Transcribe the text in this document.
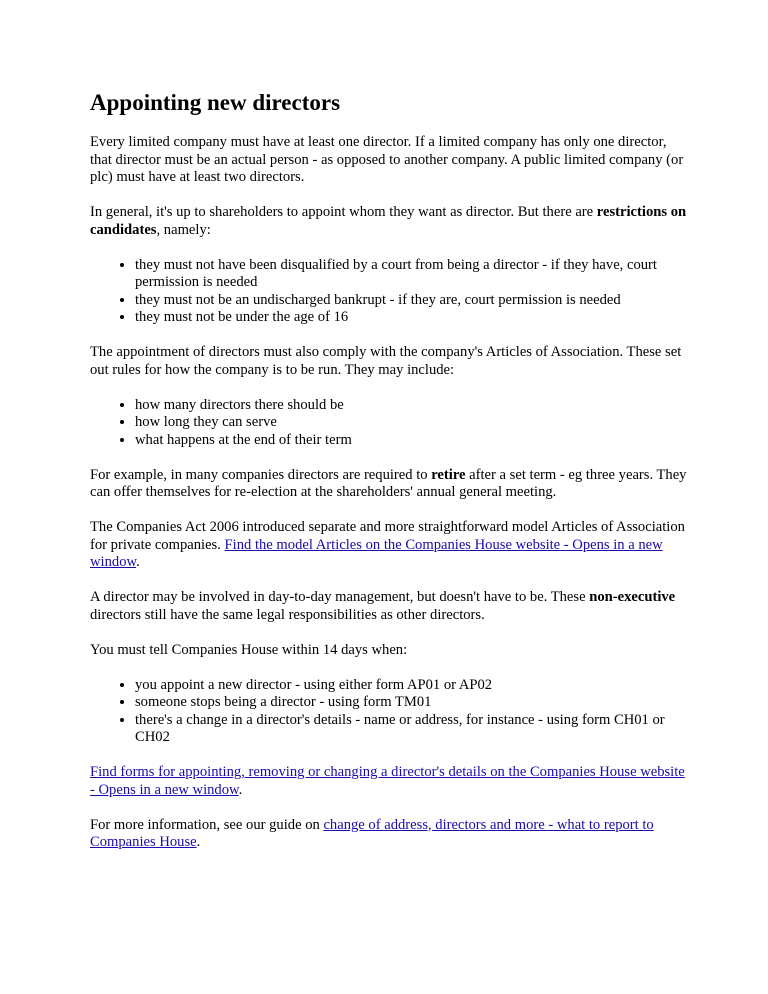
Appointing new directors

Every limited company must have at least one director. If a limited company has only one director, that director must be an actual person - as opposed to another company. A public limited company (or plc) must have at least two directors.

In general, it's up to shareholders to appoint whom they want as director. But there are restrictions on candidates, namely:

• they must not have been disqualified by a court from being a director - if they have, court permission is needed
• they must not be an undischarged bankrupt - if they are, court permission is needed
• they must not be under the age of 16

The appointment of directors must also comply with the company's Articles of Association. These set out rules for how the company is to be run. They may include:

• how many directors there should be
• how long they can serve
• what happens at the end of their term

For example, in many companies directors are required to retire after a set term - eg three years. They can offer themselves for re-election at the shareholders' annual general meeting.

The Companies Act 2006 introduced separate and more straightforward model Articles of Association for private companies. Find the model Articles on the Companies House website - Opens in a new window.

A director may be involved in day-to-day management, but doesn't have to be. These non-executive directors still have the same legal responsibilities as other directors.

You must tell Companies House within 14 days when:

• you appoint a new director - using either form AP01 or AP02
• someone stops being a director - using form TM01
• there's a change in a director's details - name or address, for instance - using form CH01 or CH02

Find forms for appointing, removing or changing a director's details on the Companies House website - Opens in a new window.

For more information, see our guide on change of address, directors and more - what to report to Companies House.
